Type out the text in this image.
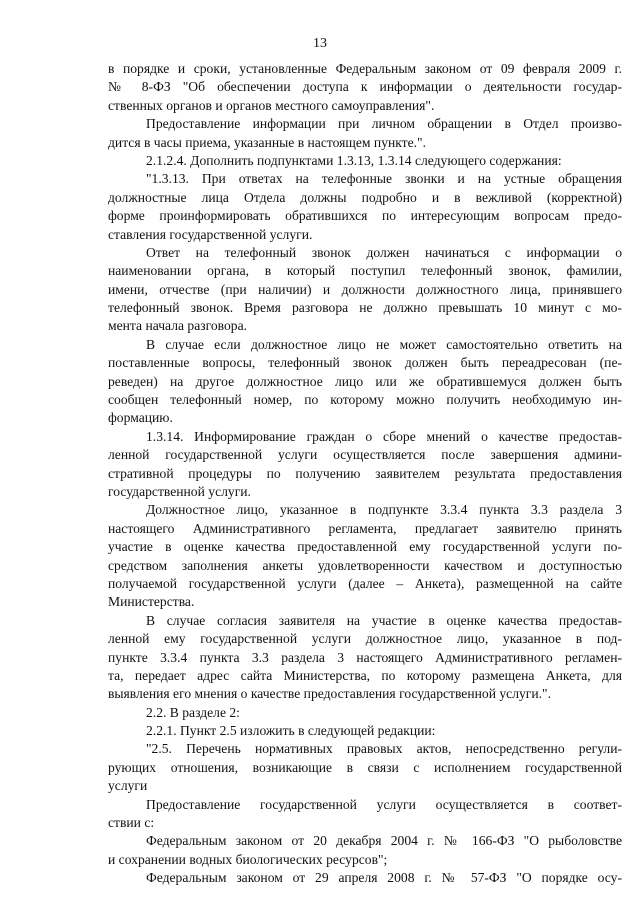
13
в порядке и сроки, установленные Федеральным законом от 09 февраля 2009 г.
№ 8-ФЗ "Об обеспечении доступа к информации о деятельности государ-
ственных органов и органов местного самоуправления".
Предоставление информации при личном обращении в Отдел произво-
дится в часы приема, указанные в настоящем пункте.".
2.1.2.4. Дополнить подпунктами 1.3.13, 1.3.14 следующего содержания:
"1.3.13. При ответах на телефонные звонки и на устные обращения
должностные лица Отдела должны подробно и в вежливой (корректной)
форме проинформировать обратившихся по интересующим вопросам предо-
ставления государственной услуги.
Ответ на телефонный звонок должен начинаться с информации о
наименовании органа, в который поступил телефонный звонок, фамилии,
имени, отчестве (при наличии) и должности должностного лица, принявшего
телефонный звонок. Время разговора не должно превышать 10 минут с мо-
мента начала разговора.
В случае если должностное лицо не может самостоятельно ответить на
поставленные вопросы, телефонный звонок должен быть переадресован (пе-
реведен) на другое должностное лицо или же обратившемуся должен быть
сообщен телефонный номер, по которому можно получить необходимую ин-
формацию.
1.3.14. Информирование граждан о сборе мнений о качестве предостав-
ленной государственной услуги осуществляется после завершения админи-
стративной процедуры по получению заявителем результата предоставления
государственной услуги.
Должностное лицо, указанное в подпункте 3.3.4 пункта 3.3 раздела 3
настоящего Административного регламента, предлагает заявителю принять
участие в оценке качества предоставленной ему государственной услуги по-
средством заполнения анкеты удовлетворенности качеством и доступностью
получаемой государственной услуги (далее – Анкета), размещенной на сайте
Министерства.
В случае согласия заявителя на участие в оценке качества предостав-
ленной ему государственной услуги должностное лицо, указанное в под-
пункте 3.3.4 пункта 3.3 раздела 3 настоящего Административного регламен-
та, передает адрес сайта Министерства, по которому размещена Анкета, для
выявления его мнения о качестве предоставления государственной услуги.".
2.2. В разделе 2:
2.2.1. Пункт 2.5 изложить в следующей редакции:
"2.5. Перечень нормативных правовых актов, непосредственно регули-
рующих отношения, возникающие в связи с исполнением государственной
услуги
Предоставление государственной услуги осуществляется в соответ-
ствии с:
Федеральным законом от 20 декабря 2004 г. № 166-ФЗ "О рыболовстве
и сохранении водных биологических ресурсов";
Федеральным законом от 29 апреля 2008 г. № 57-ФЗ "О порядке осу-
